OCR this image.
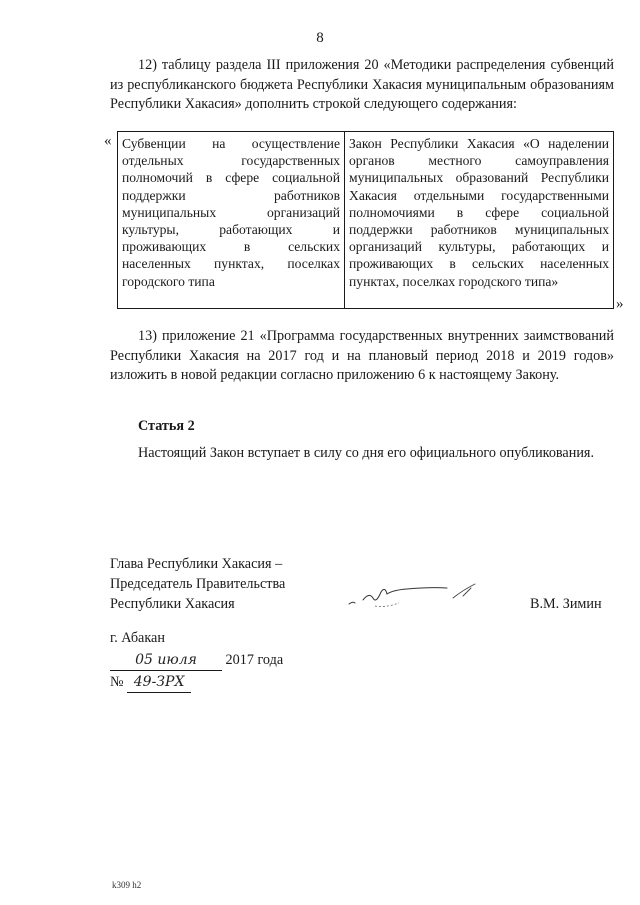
8
12) таблицу раздела III приложения 20 «Методики распределения субвенций из республиканского бюджета Республики Хакасия муниципальным образованиям Республики Хакасия» дополнить строкой следующего содержания:
«
»
Субвенции на осуществление отдельных государственных полномочий в сфере социальной поддержки работников муниципальных организаций культуры, работающих и проживающих в сельских населенных пунктах, поселках городского типа	Закон Республики Хакасия «О наделении органов местного самоуправления муниципальных образований Республики Хакасия отдельными государственными полномочиями в сфере социальной поддержки работников муниципальных организаций культуры, работающих и проживающих в сельских населенных пунктах, поселках городского типа»
13) приложение 21 «Программа государственных внутренних заимствований Республики Хакасия на 2017 год и на плановый период 2018 и 2019 годов» изложить в новой редакции согласно приложению 6 к настоящему Закону.
Статья 2
Настоящий Закон вступает в силу со дня его официального опубликования.
Глава Республики Хакасия –
Председатель Правительства
Республики Хакасия	В.М. Зимин
г. Абакан
05 июля 2017 года
№ 49-ЗРХ
k309 h2
